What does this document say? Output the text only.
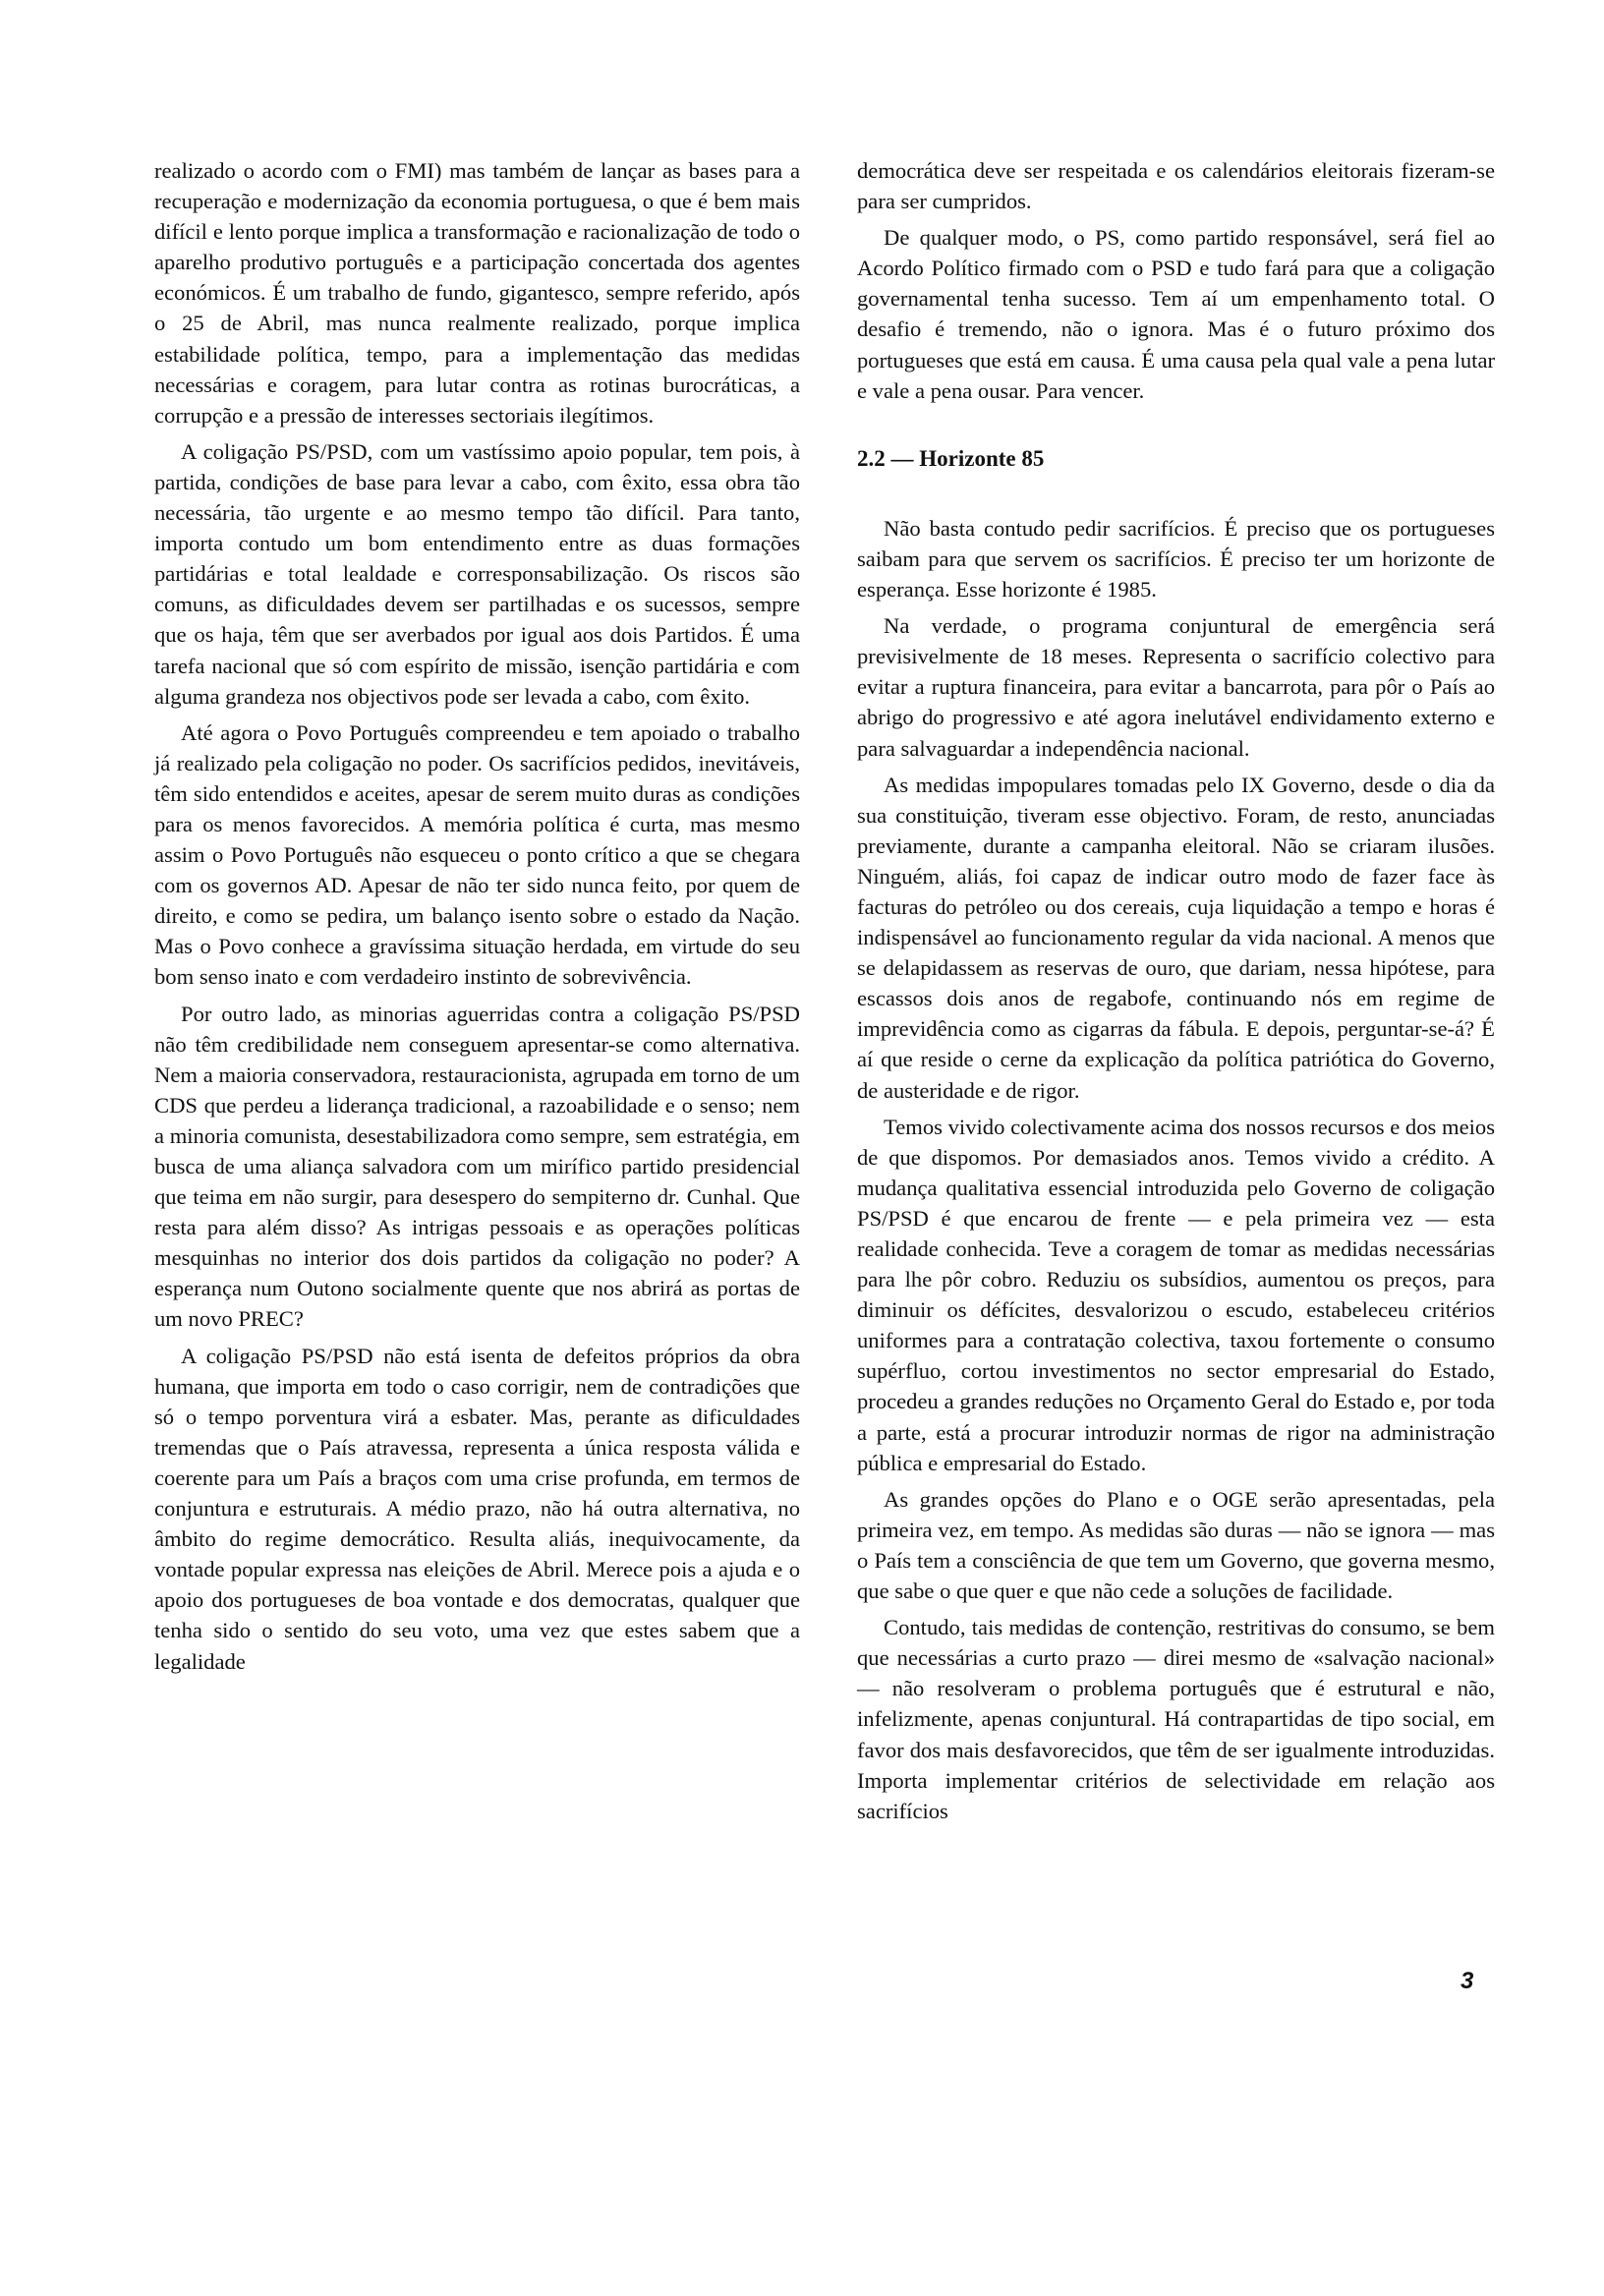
realizado o acordo com o FMI) mas também de lançar as bases para a recuperação e modernização da economia portuguesa, o que é bem mais difícil e lento porque implica a transformação e racionalização de todo o aparelho produtivo português e a participação concertada dos agentes económicos. É um trabalho de fundo, gigantesco, sempre referido, após o 25 de Abril, mas nunca realmente realizado, porque implica estabilidade política, tempo, para a implementação das medidas necessárias e coragem, para lutar contra as rotinas burocráticas, a corrupção e a pressão de interesses sectoriais ilegítimos.

A coligação PS/PSD, com um vastíssimo apoio popular, tem pois, à partida, condições de base para levar a cabo, com êxito, essa obra tão necessária, tão urgente e ao mesmo tempo tão difícil. Para tanto, importa contudo um bom entendimento entre as duas formações partidárias e total lealdade e corresponsabilização. Os riscos são comuns, as dificuldades devem ser partilhadas e os sucessos, sempre que os haja, têm que ser averbados por igual aos dois Partidos. É uma tarefa nacional que só com espírito de missão, isenção partidária e com alguma grandeza nos objectivos pode ser levada a cabo, com êxito.

Até agora o Povo Português compreendeu e tem apoiado o trabalho já realizado pela coligação no poder. Os sacrifícios pedidos, inevitáveis, têm sido entendidos e aceites, apesar de serem muito duras as condições para os menos favorecidos. A memória política é curta, mas mesmo assim o Povo Português não esqueceu o ponto crítico a que se chegara com os governos AD. Apesar de não ter sido nunca feito, por quem de direito, e como se pedira, um balanço isento sobre o estado da Nação. Mas o Povo conhece a gravíssima situação herdada, em virtude do seu bom senso inato e com verdadeiro instinto de sobrevivência.

Por outro lado, as minorias aguerridas contra a coligação PS/PSD não têm credibilidade nem conseguem apresentar-se como alternativa. Nem a maioria conservadora, restauracionista, agrupada em torno de um CDS que perdeu a liderança tradicional, a razoabilidade e o senso; nem a minoria comunista, desestabilizadora como sempre, sem estratégia, em busca de uma aliança salvadora com um mirífico partido presidencial que teima em não surgir, para desespero do sempiterno dr. Cunhal. Que resta para além disso? As intrigas pessoais e as operações políticas mesquinhas no interior dos dois partidos da coligação no poder? A esperança num Outono socialmente quente que nos abrirá as portas de um novo PREC?

A coligação PS/PSD não está isenta de defeitos próprios da obra humana, que importa em todo o caso corrigir, nem de contradições que só o tempo porventura virá a esbater. Mas, perante as dificuldades tremendas que o País atravessa, representa a única resposta válida e coerente para um País a braços com uma crise profunda, em termos de conjuntura e estruturais. A médio prazo, não há outra alternativa, no âmbito do regime democrático. Resulta aliás, inequivocamente, da vontade popular expressa nas eleições de Abril. Merece pois a ajuda e o apoio dos portugueses de boa vontade e dos democratas, qualquer que tenha sido o sentido do seu voto, uma vez que estes sabem que a legalidade

democrática deve ser respeitada e os calendários eleitorais fizeram-se para ser cumpridos.

De qualquer modo, o PS, como partido responsável, será fiel ao Acordo Político firmado com o PSD e tudo fará para que a coligação governamental tenha sucesso. Tem aí um empenhamento total. O desafio é tremendo, não o ignora. Mas é o futuro próximo dos portugueses que está em causa. É uma causa pela qual vale a pena lutar e vale a pena ousar. Para vencer.

2.2 — Horizonte 85

Não basta contudo pedir sacrifícios. É preciso que os portugueses saibam para que servem os sacrifícios. É preciso ter um horizonte de esperança. Esse horizonte é 1985.

Na verdade, o programa conjuntural de emergência será previsivelmente de 18 meses. Representa o sacrifício colectivo para evitar a ruptura financeira, para evitar a bancarrota, para pôr o País ao abrigo do progressivo e até agora inelutável endividamento externo e para salvaguardar a independência nacional.

As medidas impopulares tomadas pelo IX Governo, desde o dia da sua constituição, tiveram esse objectivo. Foram, de resto, anunciadas previamente, durante a campanha eleitoral. Não se criaram ilusões. Ninguém, aliás, foi capaz de indicar outro modo de fazer face às facturas do petróleo ou dos cereais, cuja liquidação a tempo e horas é indispensável ao funcionamento regular da vida nacional. A menos que se delapidassem as reservas de ouro, que dariam, nessa hipótese, para escassos dois anos de regabofe, continuando nós em regime de imprevidência como as cigarras da fábula. E depois, perguntar-se-á? É aí que reside o cerne da explicação da política patriótica do Governo, de austeridade e de rigor.

Temos vivido colectivamente acima dos nossos recursos e dos meios de que dispomos. Por demasiados anos. Temos vivido a crédito. A mudança qualitativa essencial introduzida pelo Governo de coligação PS/PSD é que encarou de frente — e pela primeira vez — esta realidade conhecida. Teve a coragem de tomar as medidas necessárias para lhe pôr cobro. Reduziu os subsídios, aumentou os preços, para diminuir os défícites, desvalorizou o escudo, estabeleceu critérios uniformes para a contratação colectiva, taxou fortemente o consumo supérfluo, cortou investimentos no sector empresarial do Estado, procedeu a grandes reduções no Orçamento Geral do Estado e, por toda a parte, está a procurar introduzir normas de rigor na administração pública e empresarial do Estado.

As grandes opções do Plano e o OGE serão apresentadas, pela primeira vez, em tempo. As medidas são duras — não se ignora — mas o País tem a consciência de que tem um Governo, que governa mesmo, que sabe o que quer e que não cede a soluções de facilidade.

Contudo, tais medidas de contenção, restritivas do consumo, se bem que necessárias a curto prazo — direi mesmo de «salvação nacional» — não resolveram o problema português que é estrutural e não, infelizmente, apenas conjuntural. Há contrapartidas de tipo social, em favor dos mais desfavorecidos, que têm de ser igualmente introduzidas. Importa implementar critérios de selectividade em relação aos sacrifícios

3
